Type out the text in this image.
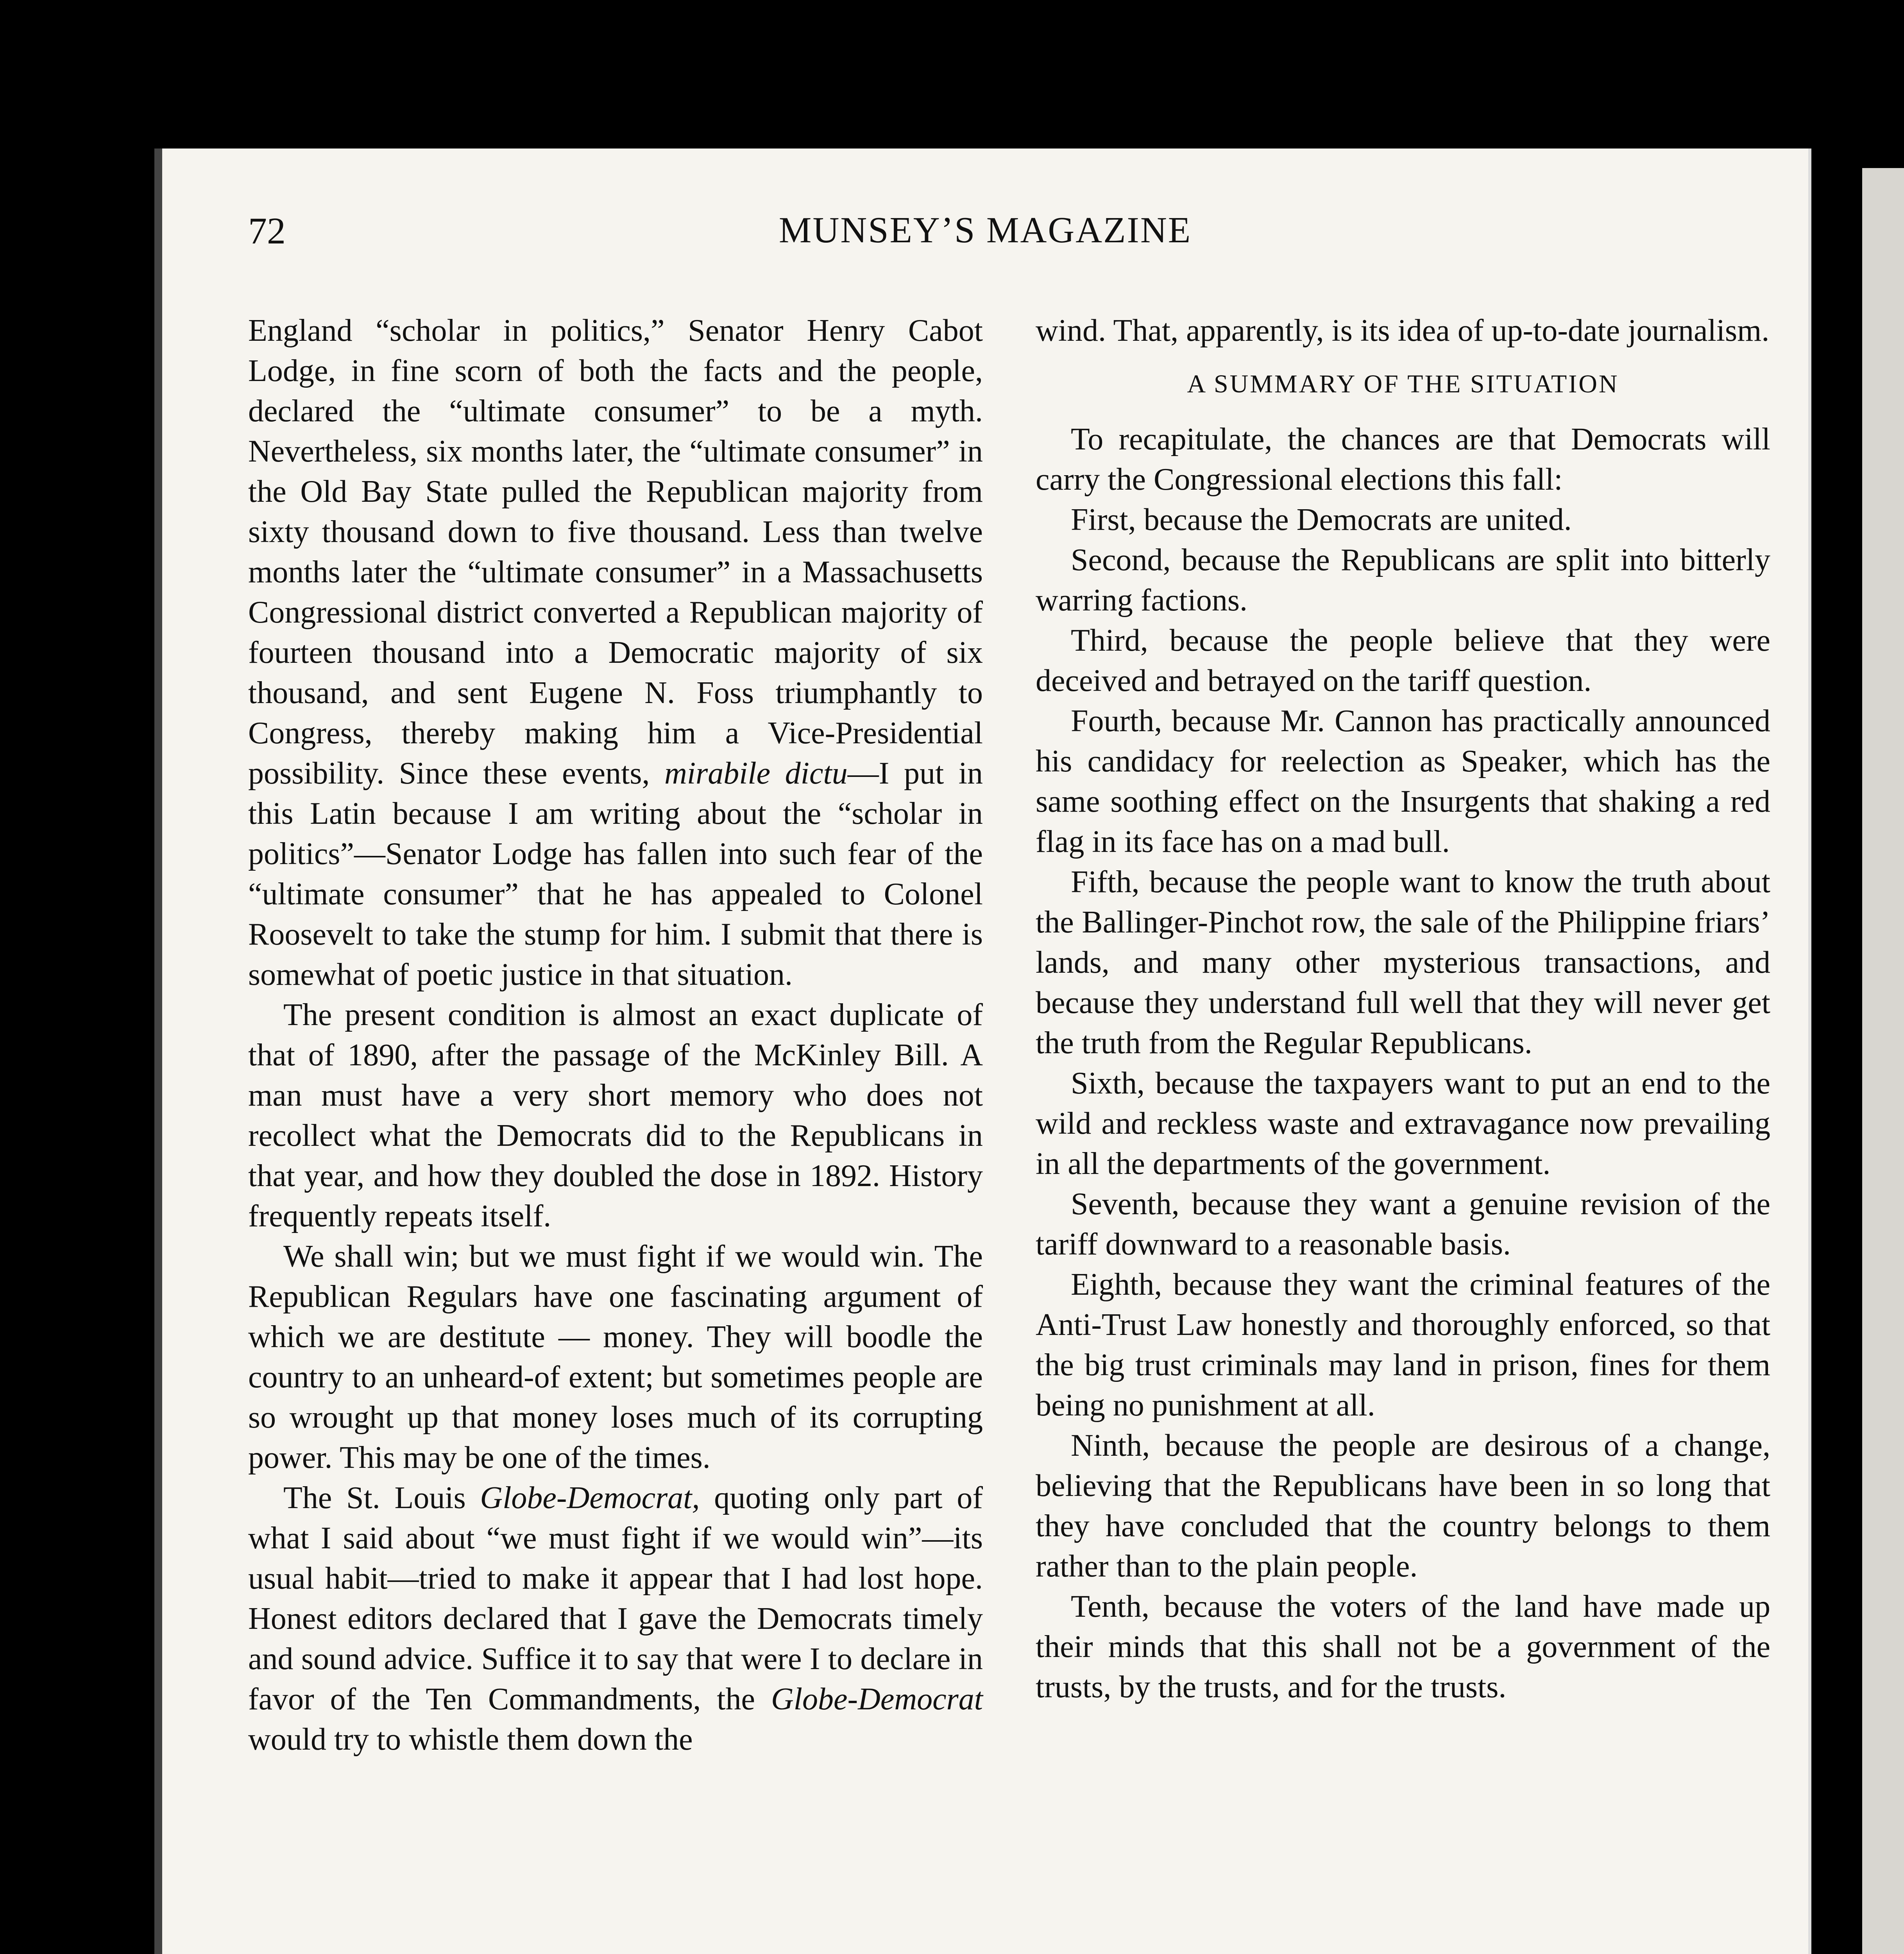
72	MUNSEY’S MAGAZINE

England “scholar in politics,” Senator Henry Cabot Lodge, in fine scorn of both the facts and the people, declared the “ultimate consumer” to be a myth. Nevertheless, six months later, the “ultimate consumer” in the Old Bay State pulled the Republican majority from sixty thousand down to five thousand. Less than twelve months later the “ultimate consumer” in a Massachusetts Congressional district converted a Republican majority of fourteen thousand into a Democratic majority of six thousand, and sent Eugene N. Foss triumphantly to Congress, thereby making him a Vice-Presidential possibility. Since these events, mirabile dictu—I put in this Latin because I am writing about the “scholar in politics”—Senator Lodge has fallen into such fear of the “ultimate consumer” that he has appealed to Colonel Roosevelt to take the stump for him. I submit that there is somewhat of poetic justice in that situation.

The present condition is almost an exact duplicate of that of 1890, after the passage of the McKinley Bill. A man must have a very short memory who does not recollect what the Democrats did to the Republicans in that year, and how they doubled the dose in 1892. History frequently repeats itself.

We shall win; but we must fight if we would win. The Republican Regulars have one fascinating argument of which we are destitute — money. They will boodle the country to an unheard-of extent; but sometimes people are so wrought up that money loses much of its corrupting power. This may be one of the times.

The St. Louis Globe-Democrat, quoting only part of what I said about “we must fight if we would win”—its usual habit—tried to make it appear that I had lost hope. Honest editors declared that I gave the Democrats timely and sound advice. Suffice it to say that were I to declare in favor of the Ten Commandments, the Globe-Democrat would try to whistle them down the

wind. That, apparently, is its idea of up-to-date journalism.

A SUMMARY OF THE SITUATION

To recapitulate, the chances are that Democrats will carry the Congressional elections this fall:

First, because the Democrats are united.

Second, because the Republicans are split into bitterly warring factions.

Third, because the people believe that they were deceived and betrayed on the tariff question.

Fourth, because Mr. Cannon has practically announced his candidacy for reelection as Speaker, which has the same soothing effect on the Insurgents that shaking a red flag in its face has on a mad bull.

Fifth, because the people want to know the truth about the Ballinger-Pinchot row, the sale of the Philippine friars’ lands, and many other mysterious transactions, and because they understand full well that they will never get the truth from the Regular Republicans.

Sixth, because the taxpayers want to put an end to the wild and reckless waste and extravagance now prevailing in all the departments of the government.

Seventh, because they want a genuine revision of the tariff downward to a reasonable basis.

Eighth, because they want the criminal features of the Anti-Trust Law honestly and thoroughly enforced, so that the big trust criminals may land in prison, fines for them being no punishment at all.

Ninth, because the people are desirous of a change, believing that the Republicans have been in so long that they have concluded that the country belongs to them rather than to the plain people.

Tenth, because the voters of the land have made up their minds that this shall not be a government of the trusts, by the trusts, and for the trusts.
